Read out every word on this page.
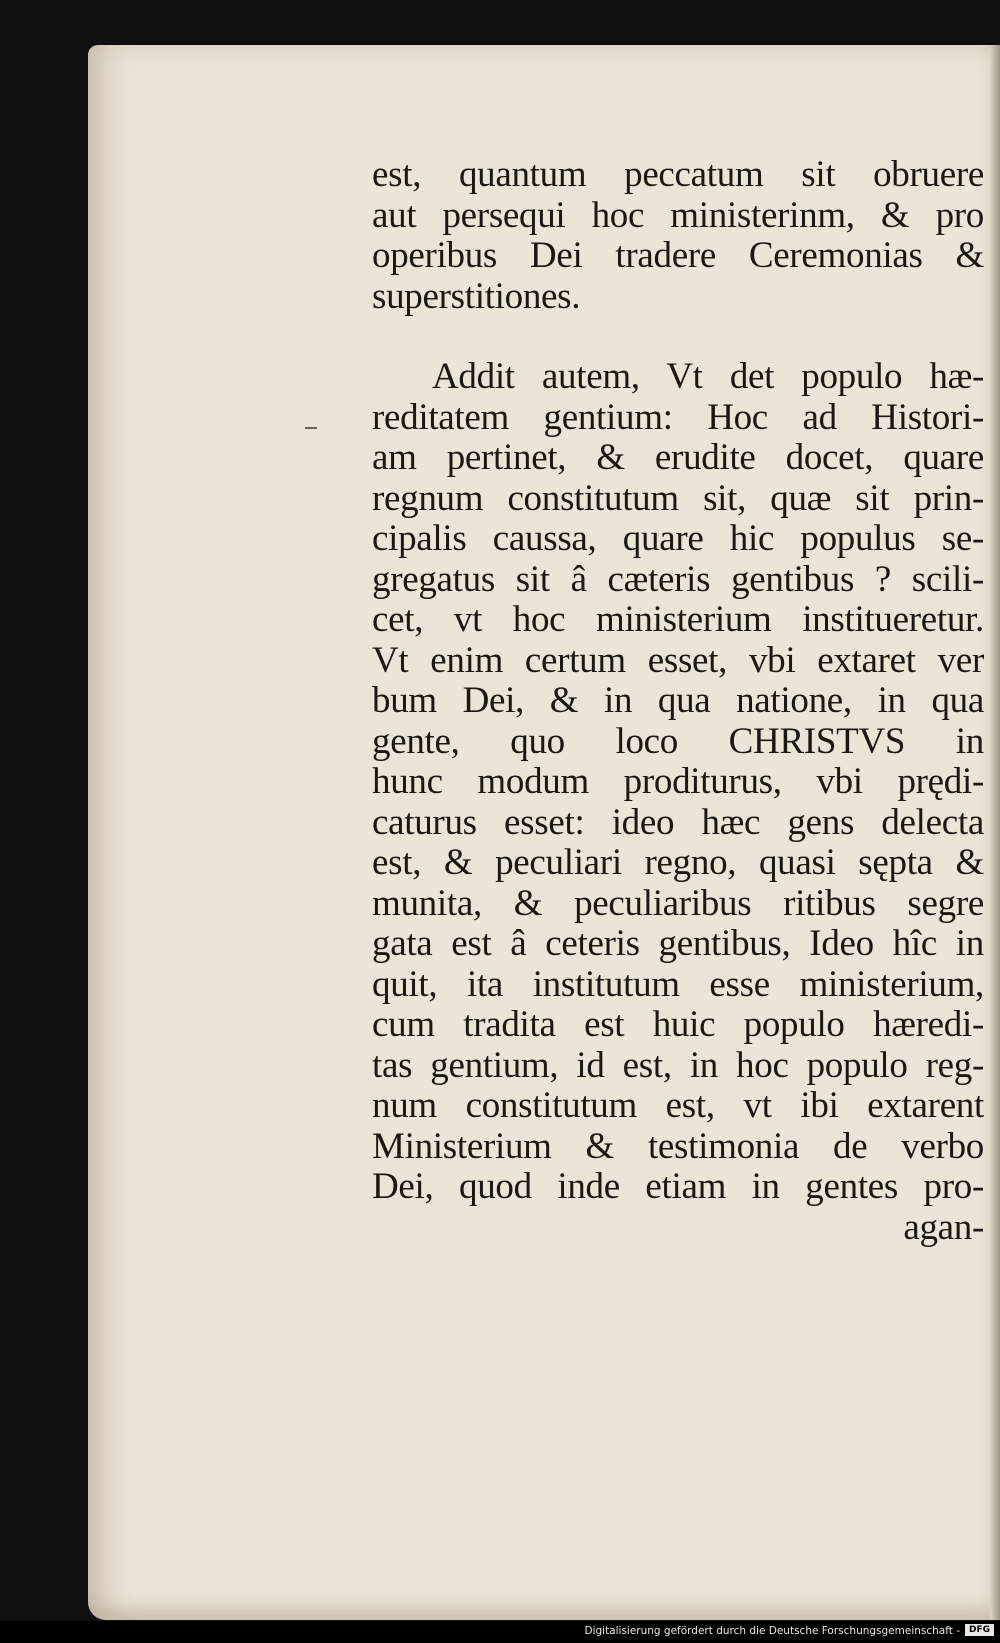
est, quantum peccatum sit obruere
aut persequi hoc ministerinm, & pro
operibus Dei tradere Ceremonias &
superstitiones.
Addit autem, Vt det populo hæ-
reditatem gentium: Hoc ad Histori-
am pertinet, & erudite docet, quare
regnum constitutum sit, quæ sit prin-
cipalis caussa, quare hic populus se-
gregatus sit â cæteris gentibus ? scili-
cet, vt hoc ministerium institueretur.
Vt enim certum esset, vbi extaret ver
bum Dei, & in qua natione, in qua
gente, quo loco CHRISTVS in
hunc modum proditurus, vbi prędi-
caturus esset: ideo hæc gens delecta
est, & peculiari regno, quasi sępta &
munita, & peculiaribus ritibus segre
gata est â ceteris gentibus, Ideo hîc in
quit, ita institutum esse ministerium,
cum tradita est huic populo hæredi-
tas gentium, id est, in hoc populo reg-
num constitutum est, vt ibi extarent
Ministerium & testimonia de verbo
Dei, quod inde etiam in gentes pro-
agan-
Digitalisierung gefördert durch die Deutsche Forschungsgemeinschaft - DFG
